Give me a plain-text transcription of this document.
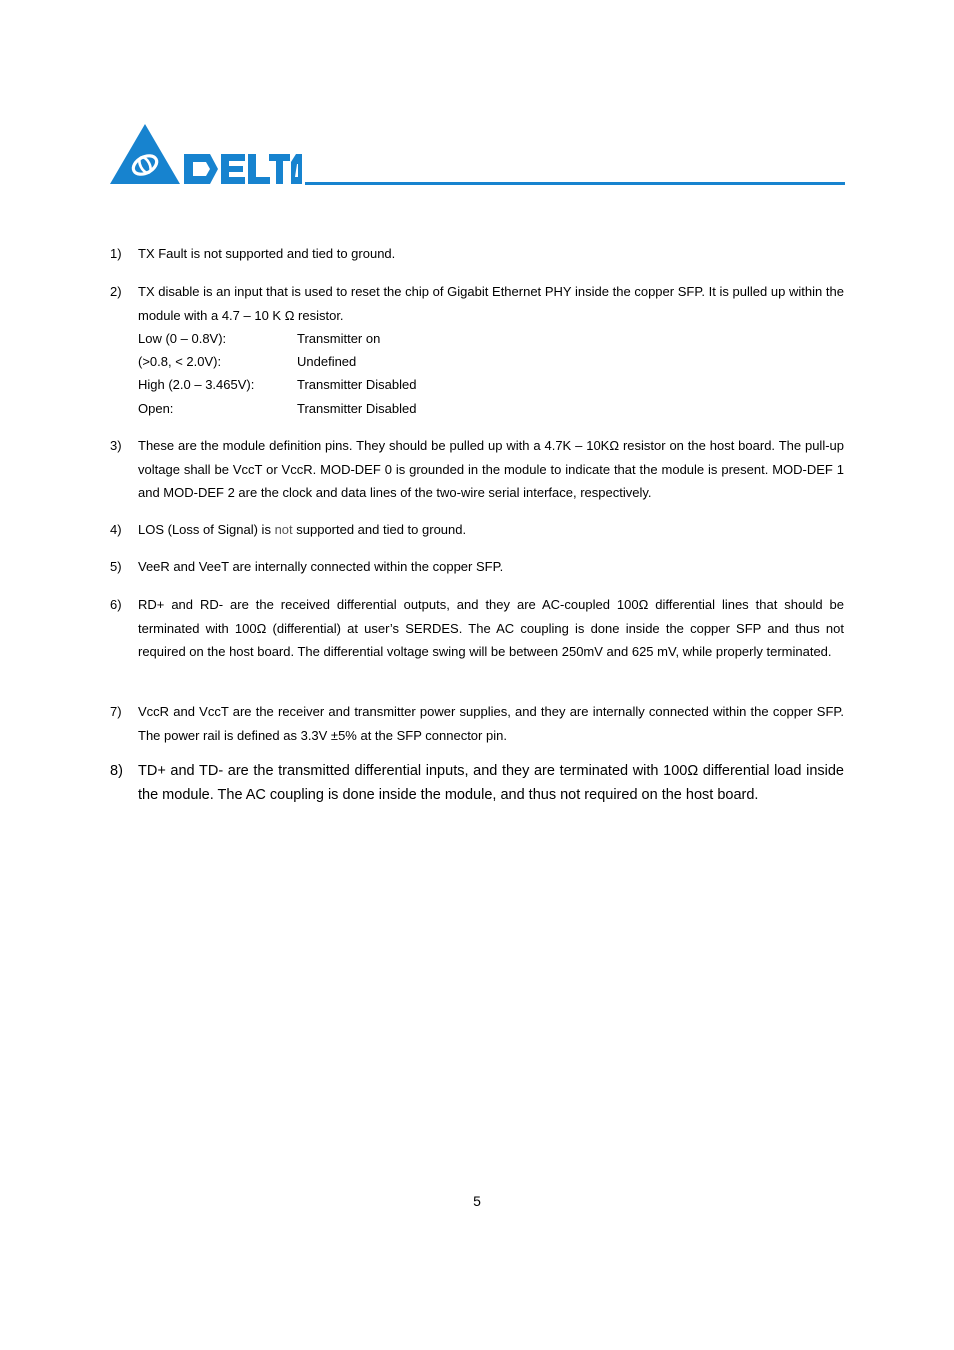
1) TX Fault is not supported and tied to ground.
2) TX disable is an input that is used to reset the chip of Gigabit Ethernet PHY inside the copper SFP. It is pulled up within the module with a 4.7 – 10 K Ω resistor.
Low (0 – 0.8V):	Transmitter on
(>0.8, < 2.0V):	Undefined
High (2.0 – 3.465V):	Transmitter Disabled
Open:	Transmitter Disabled
3) These are the module definition pins. They should be pulled up with a 4.7K – 10KΩ resistor on the host board. The pull-up voltage shall be VccT or VccR. MOD-DEF 0 is grounded in the module to indicate that the module is present. MOD-DEF 1 and MOD-DEF 2 are the clock and data lines of the two-wire serial interface, respectively.
4) LOS (Loss of Signal) is not supported and tied to ground.
5) VeeR and VeeT are internally connected within the copper SFP.
6) RD+ and RD- are the received differential outputs, and they are AC-coupled 100Ω differential lines that should be terminated with 100Ω (differential) at user’s SERDES. The AC coupling is done inside the copper SFP and thus not required on the host board. The differential voltage swing will be between 250mV and 625 mV, while properly terminated.
7) VccR and VccT are the receiver and transmitter power supplies, and they are internally connected within the copper SFP. The power rail is defined as 3.3V ±5% at the SFP connector pin.
8) TD+ and TD- are the transmitted differential inputs, and they are terminated with 100Ω differential load inside the module. The AC coupling is done inside the module, and thus not required on the host board.
5
